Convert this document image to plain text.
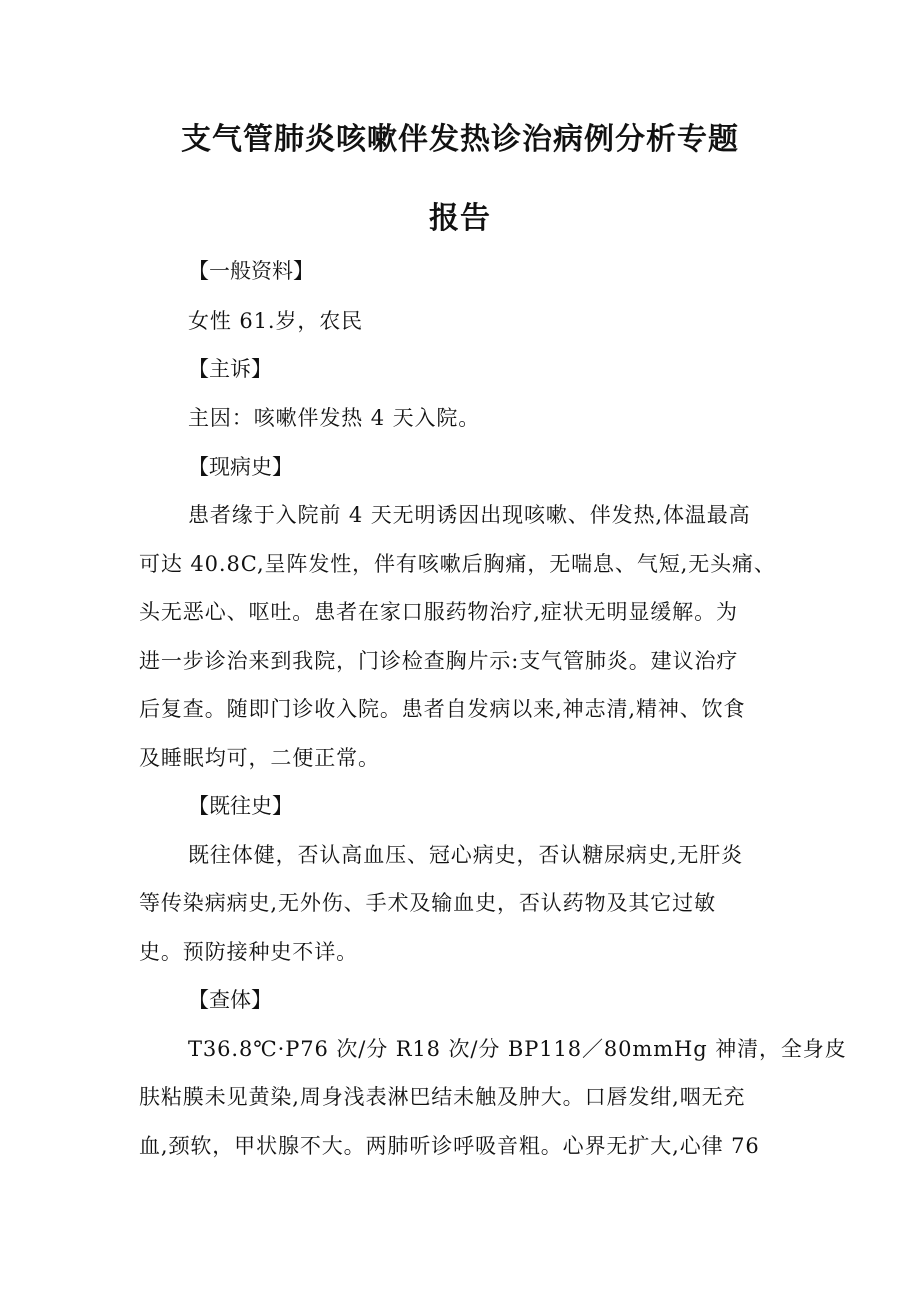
支气管肺炎咳嗽伴发热诊治病例分析专题
报告
【一般资料】
女性 61.岁，农民
【主诉】
主因：咳嗽伴发热 4 天入院。
【现病史】
患者缘于入院前 4 天无明诱因出现咳嗽、伴发热,体温最高
可达 40.8C,呈阵发性，伴有咳嗽后胸痛，无喘息、气短,无头痛、
头无恶心、呕吐。患者在家口服药物治疗,症状无明显缓解。为
进一步诊治来到我院，门诊检查胸片示:支气管肺炎。建议治疗
后复查。随即门诊收入院。患者自发病以来,神志清,精神、饮食
及睡眠均可，二便正常。
【既往史】
既往体健，否认高血压、冠心病史，否认糖尿病史,无肝炎
等传染病病史,无外伤、手术及输血史，否认药物及其它过敏
史。预防接种史不详。
【查体】
T36.8℃·P76 次/分 R18 次/分 BP118／80mmHg 神清，全身皮
肤粘膜未见黄染,周身浅表淋巴结未触及肿大。口唇发绀,咽无充
血,颈软，甲状腺不大。两肺听诊呼吸音粗。心界无扩大,心律 76
